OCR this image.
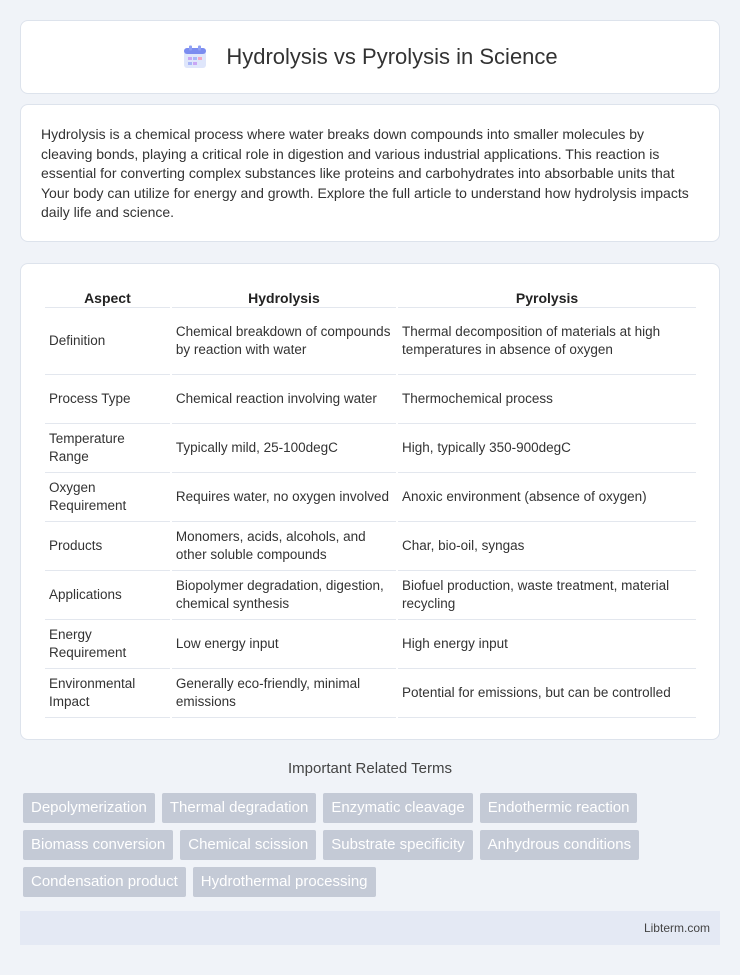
Hydrolysis vs Pyrolysis in Science

Hydrolysis is a chemical process where water breaks down compounds into smaller molecules by cleaving bonds, playing a critical role in digestion and various industrial applications. This reaction is essential for converting complex substances like proteins and carbohydrates into absorbable units that Your body can utilize for energy and growth. Explore the full article to understand how hydrolysis impacts daily life and science.

Aspect	Hydrolysis	Pyrolysis
Definition	Chemical breakdown of compounds by reaction with water	Thermal decomposition of materials at high temperatures in absence of oxygen
Process Type	Chemical reaction involving water	Thermochemical process
Temperature Range	Typically mild, 25-100degC	High, typically 350-900degC
Oxygen Requirement	Requires water, no oxygen involved	Anoxic environment (absence of oxygen)
Products	Monomers, acids, alcohols, and other soluble compounds	Char, bio-oil, syngas
Applications	Biopolymer degradation, digestion, chemical synthesis	Biofuel production, waste treatment, material recycling
Energy Requirement	Low energy input	High energy input
Environmental Impact	Generally eco-friendly, minimal emissions	Potential for emissions, but can be controlled
Important Related Terms
Depolymerization	Thermal degradation	Enzymatic cleavage	Endothermic reaction
Biomass conversion	Chemical scission	Substrate specificity	Anhydrous conditions
Condensation product	Hydrothermal processing
Libterm.com
